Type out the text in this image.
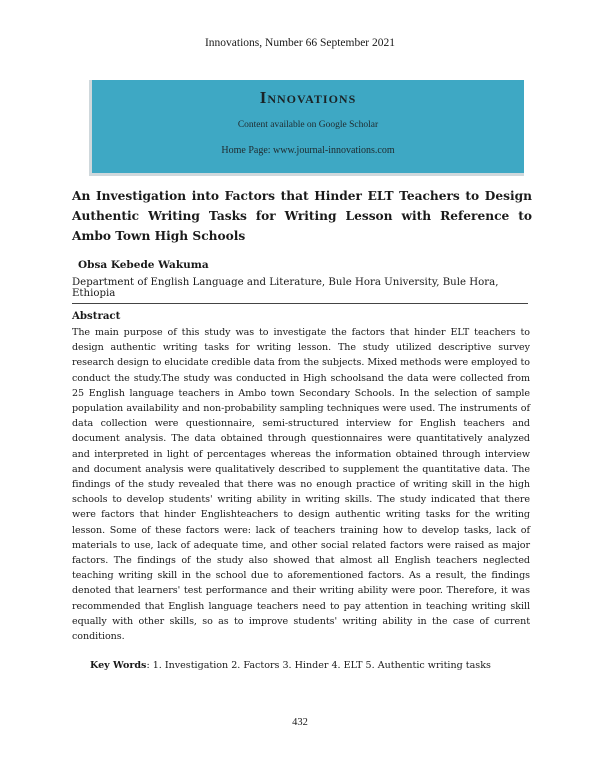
Innovations, Number 66 September 2021
Innovations
Content available on Google Scholar
Home Page: www.journal-innovations.com
An Investigation into Factors that Hinder ELT Teachers to Design Authentic Writing Tasks for Writing Lesson with Reference to Ambo Town High Schools
Obsa Kebede Wakuma
Department of English Language and Literature, Bule Hora University, Bule Hora, Ethiopia
Abstract
The main purpose of this study was to investigate the factors that hinder ELT teachers to design authentic writing tasks for writing lesson. The study utilized descriptive survey research design to elucidate credible data from the subjects. Mixed methods were employed to conduct the study.The study was conducted in High schoolsand the data were collected from 25 English language teachers in Ambo town Secondary Schools. In the selection of sample population availability and non-probability sampling techniques were used. The instruments of data collection were questionnaire, semi-structured interview for English teachers and document analysis. The data obtained through questionnaires were quantitatively analyzed and interpreted in light of percentages whereas the information obtained through interview and document analysis were qualitatively described to supplement the quantitative data. The findings of the study revealed that there was no enough practice of writing skill in the high schools to develop students' writing ability in writing skills. The study indicated that there were factors that hinder Englishteachers to design authentic writing tasks for the writing lesson. Some of these factors were: lack of teachers training how to develop tasks, lack of materials to use, lack of adequate time, and other social related factors were raised as major factors. The findings of the study also showed that almost all English teachers neglected teaching writing skill in the school due to aforementioned factors. As a result, the findings denoted that learners' test performance and their writing ability were poor. Therefore, it was recommended that English language teachers need to pay attention in teaching writing skill equally with other skills, so as to improve students' writing ability in the case of current conditions.
Key Words: 1. Investigation 2. Factors 3. Hinder 4. ELT 5. Authentic writing tasks
432
